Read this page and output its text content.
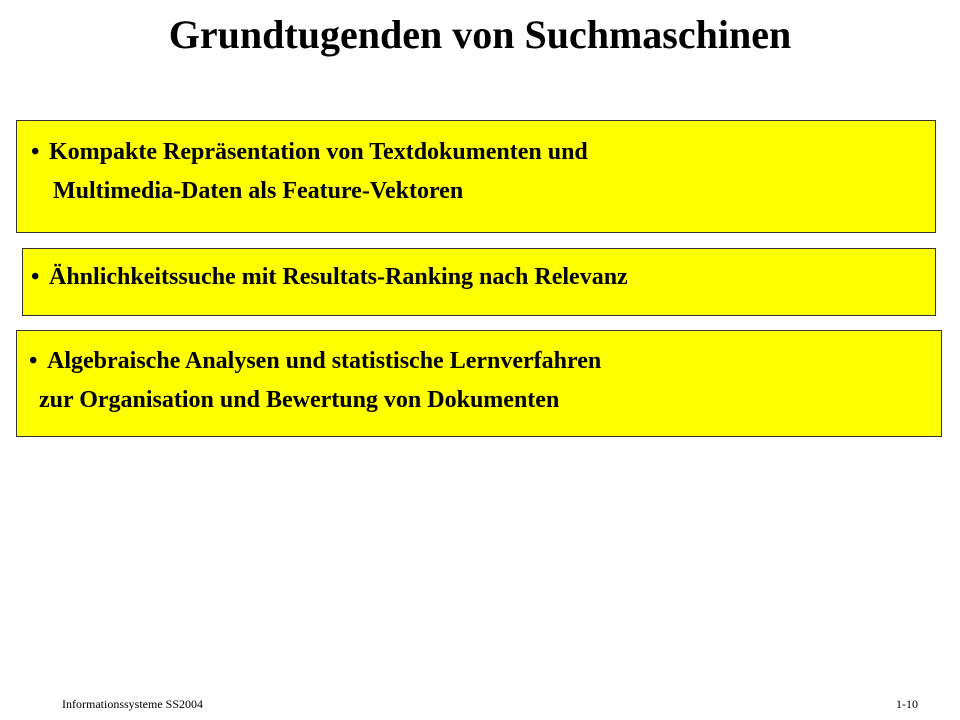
Grundtugenden von Suchmaschinen
• Kompakte Repräsentation von Textdokumenten und
Multimedia-Daten als Feature-Vektoren
• Ähnlichkeitssuche mit Resultats-Ranking nach Relevanz
• Algebraische Analysen und statistische Lernverfahren
zur Organisation und Bewertung von Dokumenten
Informationssysteme SS2004	1-10
